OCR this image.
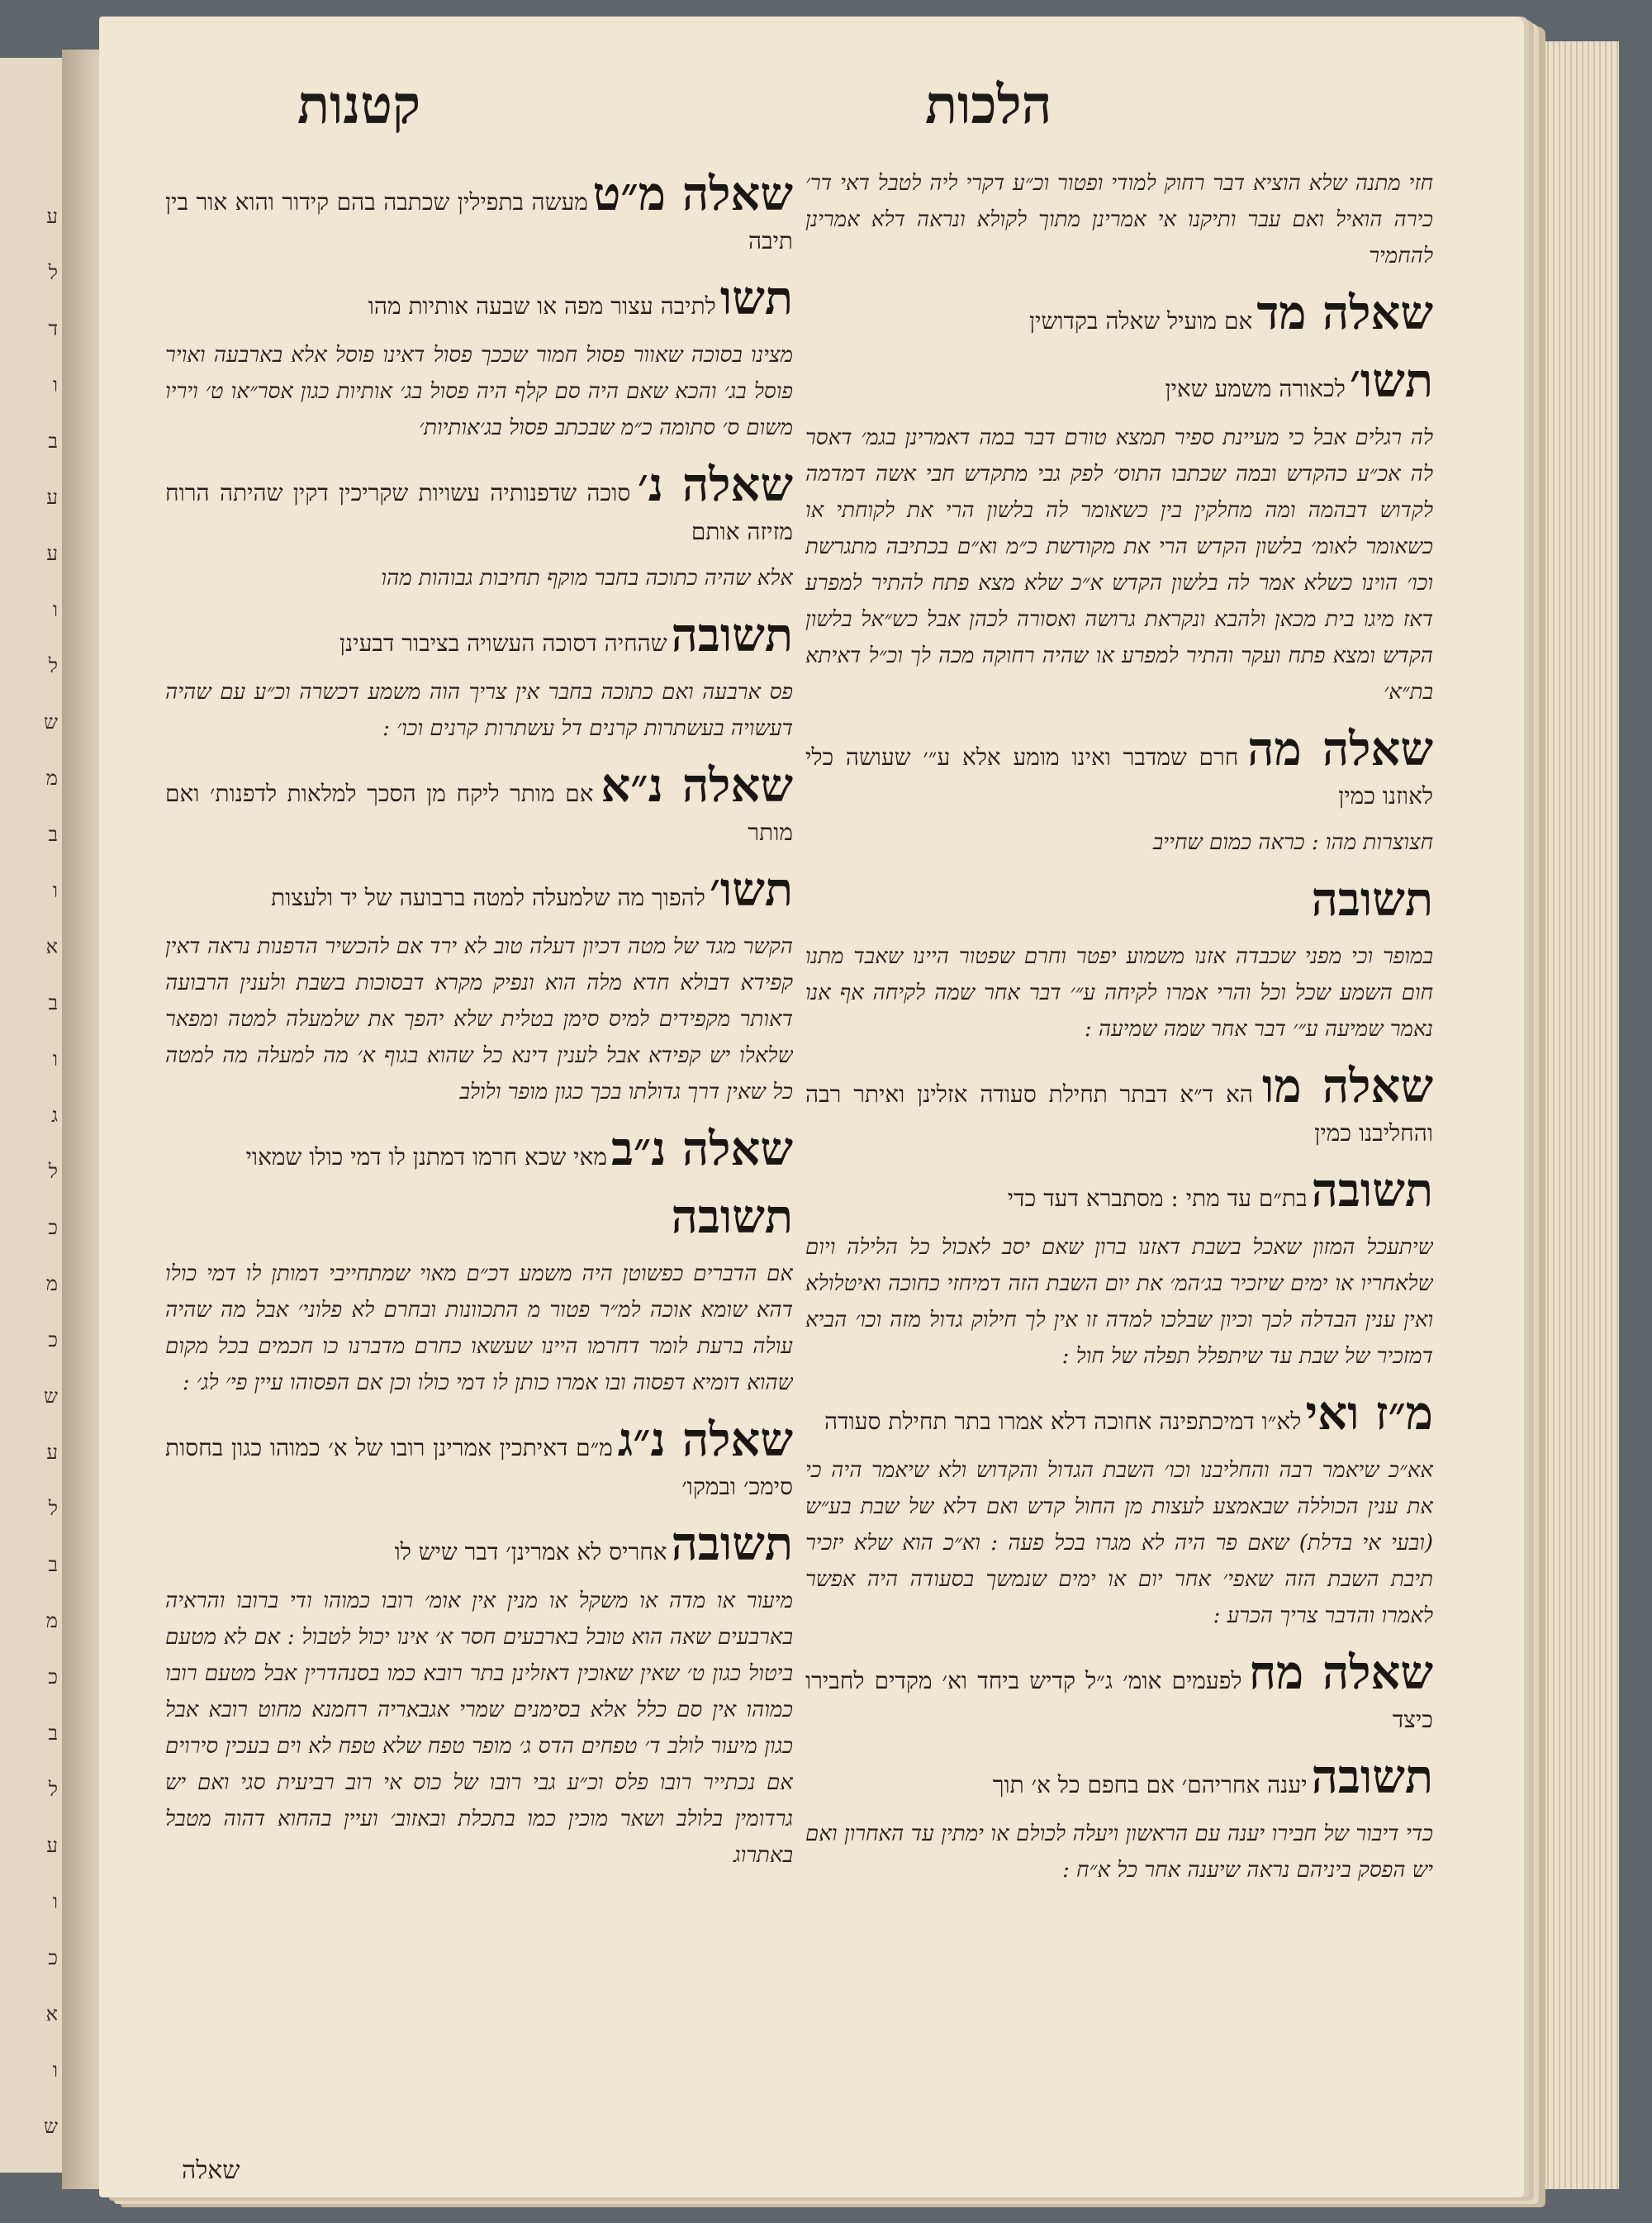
ע
ל
ד
ו
ב
ע
ע
ו
ל
ש
מ
ב
ו
א
ב
ו
ג
ל
כ
מ
כ
ש
ע
ל
ב
מ
כ
ב
ל
ע
ו
כ
א
ו
ש
קטנות	הלכות
חזי מתנה שלא הוציא דבר רחוק למודי ופטור וכ״ע דקרי ליה לטבל דאי דר׳ כירה הואיל ואם עבר ותיקנו אי אמרינן מתוך לקולא ונראה דלא אמרינן להחמיר
שאלה מד אם מועיל שאלה בקדושין
תשו׳ לכאורה משמע שאין
לה רגלים אבל כי מעיינת ספיר תמצא טורם דבר במה דאמרינן בגמ׳ דאסר לה אכ״ע כהקדש ובמה שכתבו התוס׳ לפק גבי מתקדש חבי אשה דמדמה לקדוש דבהמה ומה מחלקין בין כשאומר לה בלשון הרי את לקוחתי או כשאומר לאומ׳ בלשון הקדש הרי את מקודשת כ״מ וא״ם בכתיבה מתגרשת וכו׳ הוינו כשלא אמר לה בלשון הקדש א״כ שלא מצא פתח להתיר למפרע דאז מיגו בית מכאן ולהבא ונקראת גרושה ואסורה לכהן אבל כש״אל בלשון הקדש ומצא פתח ועקר והתיר למפרע או שהיה רחוקה מכה לך וכ״ל דאיתא בת״א׳
שאלה מה חרם שמדבר ואינו מומע אלא ע״׳ שעושה כלי לאוזנו כמין
חצוצרות מהו : כראה כמום שחייב
תשובה
במופר וכי מפני שכבדה אזנו משמוע יפטר וחרם שפטור היינו שאבד מתנו חום השמע שכל וכל והרי אמרו לקיחה ע״׳ דבר אחר שמה לקיחה אף אנו נאמר שמיעה ע״׳ דבר אחר שמה שמיעה :
שאלה מו הא ד״א דבתר תחילת סעודה אזלינן ואיתר רבה והחליבנו כמין
תשובה בת״ם עד מתי : מסתברא דעד כדי
שיתעכל המזון שאכל בשבת דאזנו ברון שאם יסב לאכול כל הלילה ויום שלאחריו או ימים שיזכיר בג׳המ׳ את יום השבת הזה דמיחזי כחוכה ואיטלולא ואין ענין הבדלה לכך וכיון שבלכו למדה זו אין לך חילוק גדול מזה וכו׳ הביא דמזכיר של שבת עד שיתפלל תפלה של חול :
מ״ז ואי לא״ו דמיכתפינה אחוכה דלא אמרו בתר תחילת סעודה
אא״כ שיאמר רבה והחליבנו וכו׳ השבת הגדול והקדוש ולא שיאמר היה כי את ענין הכוללה שבאמצע לעצות מן החול קדש ואם דלא של שבת בע״ש (ובעי אי בדלת) שאם פר היה לא מגרו בכל פעה : וא״כ הוא שלא יזכיר תיבת השבת הזה שאפי׳ אחר יום או ימים שנמשך בסעודה היה אפשר לאמרו והדבר צריך הכרע :
שאלה מח לפעמים אומ׳ ג״ל קדיש ביחד וא׳ מקדים לחבירו כיצד
תשובה יענה אחריהם׳ אם בחפם כל א׳ תוך
כדי דיבור של חבירו יענה עם הראשון ויעלה לכולם או ימתין עד האחרון ואם יש הפסק ביניהם נראה שיענה אחר כל א״ח :
שאלה מ״ט מעשה בתפילין שכתבה בהם קידור והוא אור בין תיבה
תשו לתיבה עצור מפה או שבעה אותיות מהו
מצינו בסוכה שאוור פסול חמור שככך פסול דאינו פוסל אלא בארבעה ואויר פוסל בג׳ והכא שאם היה סם קלף היה פסול בג׳ אותיות כגון אסר״או ט׳ ויריו משום ס׳ סתומה כ״מ שבכתב פסול בג׳אותיות׳
שאלה נ׳ סוכה שדפנותיה עשויות שקריכין דקין שהיתה הרוח מזיזה אותם
אלא שהיה כתוכה בחבר מוקף תחיבות גבוהות מהו
תשובה שהחיה דסוכה העשויה בציבור דבעינן
פס ארבעה ואם כתוכה בחבר אין צריך הוה משמע דכשרה וכ״ע עם שהיה דעשויה בעשתרות קרנים דל עשתרות קרנים וכו׳ :
שאלה נ״א אם מותר ליקח מן הסכך למלאות לדפנות׳ ואם מותר
תשו׳ להפוך מה שלמעלה למטה ברבועה של יד ולעצות
הקשר מגד של מטה דכיון דעלה טוב לא ירד אם להכשיר הדפנות נראה דאין קפידא דבולא חדא מלה הוא ונפיק מקרא דבסוכות בשבת ולענין הרבועה דאותר מקפידים למיס סימן בטלית שלא יהפך את שלמעלה למטה ומפאר שלאלו יש קפידא אבל לענין דינא כל שהוא בגוף א׳ מה למעלה מה למטה כל שאין דרך גדולתו בכך כגון מופר ולולב
שאלה נ״ב מאי שכא חרמו דמתנן לו דמי כולו שמאוי
תשובה
אם הדברים כפשוטן היה משמע דכ״ם מאוי שמתחייבי דמותן לו דמי כולו דהא שומא אוכה למ״ר פטור מ התכוונות ובחרם לא פלוני׳ אבל מה שהיה עולה ברעת לומר דחרמו היינו שעשאו כחרם מדברנו כו חכמים בכל מקום שהוא דומיא דפסוה ובו אמרו כותן לו דמי כולו וכן אם הפסוהו עיין פי׳ לג׳ :
שאלה נ״ג מ״ם דאיתכין אמרינן רובו של א׳ כמוהו כגון בחסות סימכ׳ ובמקו׳
תשובה אחריס לא אמרינן׳ דבר שיש לו
מיעור או מדה או משקל או מנין אין אומ׳ רובו כמוהו ודי ברובו והראיה בארבעים שאה הוא טובל בארבעים חסר א׳ אינו יכול לטבול : אם לא מטעם ביטול כגון ט׳ שאין שאוכין דאזלינן בתר רובא כמו בסנהדרין אבל מטעם רובו כמוהו אין סם כלל אלא בסימנים שמרי אגבאריה רחמנא מחוט רובא אבל כגון מיעור לולב ד׳ טפחים הדס ג׳ מופר טפח שלא טפח לא וים בעכין סירוים אם נכתייר רובו פלס וכ״ע גבי רובו של כוס אי רוב רביעית סגי ואם יש גרדומין בלולב ושאר מוכין כמו בתכלת ובאזוב׳ ועיין בהחוא דהוה מטבל באתרוג
שאלה
